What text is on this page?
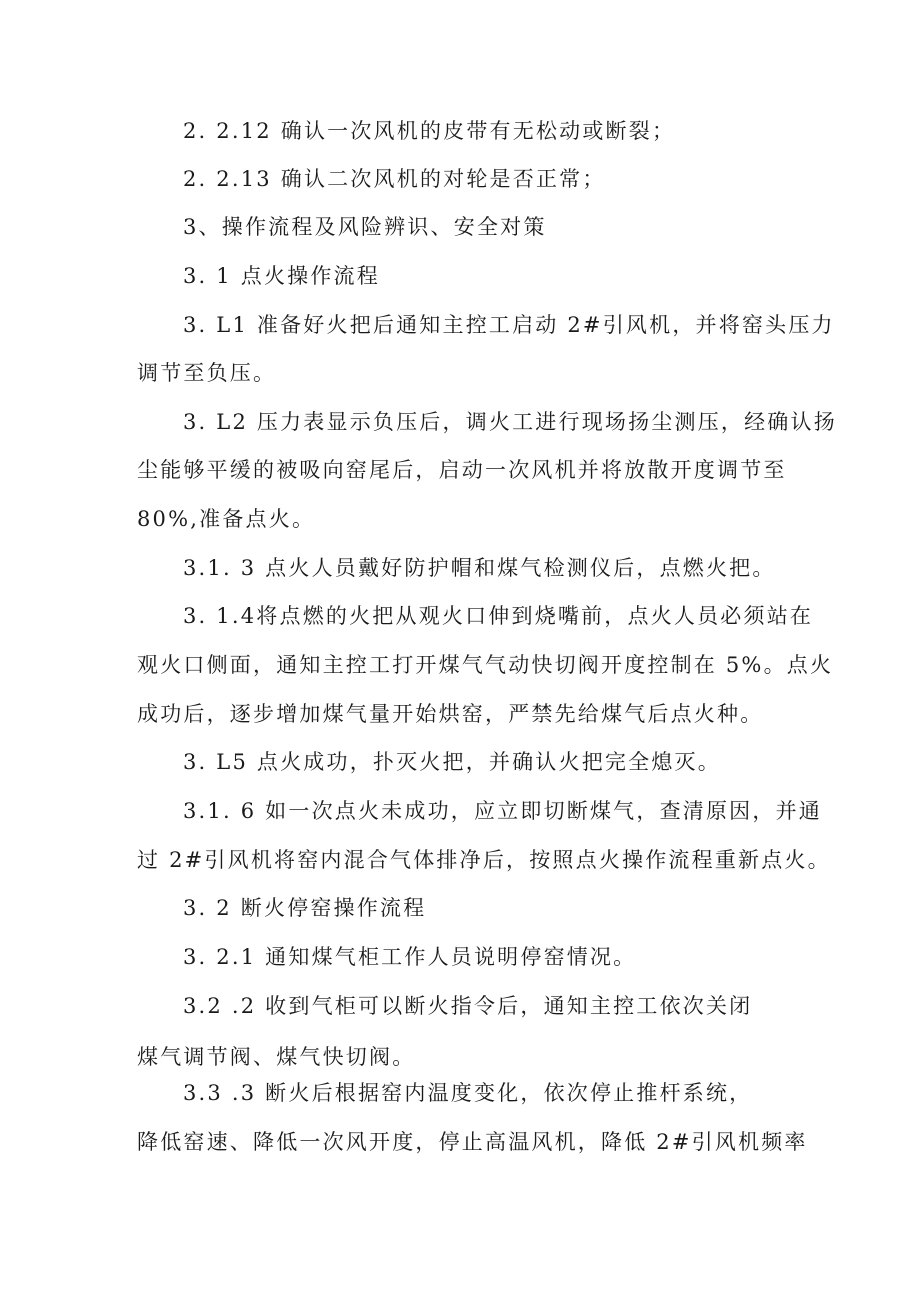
2. 2.12 确认一次风机的皮带有无松动或断裂；

2. 2.13 确认二次风机的对轮是否正常；

3、操作流程及风险辨识、安全对策

3. 1 点火操作流程

3. L1 准备好火把后通知主控工启动 2#引风机，并将窑头压力

调节至负压。

3. L2 压力表显示负压后，调火工进行现场扬尘测压，经确认扬

尘能够平缓的被吸向窑尾后，启动一次风机并将放散开度调节至

80%,准备点火。

3.1. 3 点火人员戴好防护帽和煤气检测仪后，点燃火把。

3. 1.4将点燃的火把从观火口伸到烧嘴前，点火人员必须站在

观火口侧面，通知主控工打开煤气气动快切阀开度控制在 5%。点火

成功后，逐步增加煤气量开始烘窑，严禁先给煤气后点火种。

3. L5 点火成功，扑灭火把，并确认火把完全熄灭。

3.1. 6 如一次点火未成功，应立即切断煤气，查清原因，并通

过 2#引风机将窑内混合气体排净后，按照点火操作流程重新点火。

3. 2 断火停窑操作流程

3. 2.1 通知煤气柜工作人员说明停窑情况。

3.2 .2 收到气柜可以断火指令后，通知主控工依次关闭

煤气调节阀、煤气快切阀。

3.3 .3 断火后根据窑内温度变化，依次停止推杆系统，

降低窑速、降低一次风开度，停止高温风机，降低 2#引风机频率
